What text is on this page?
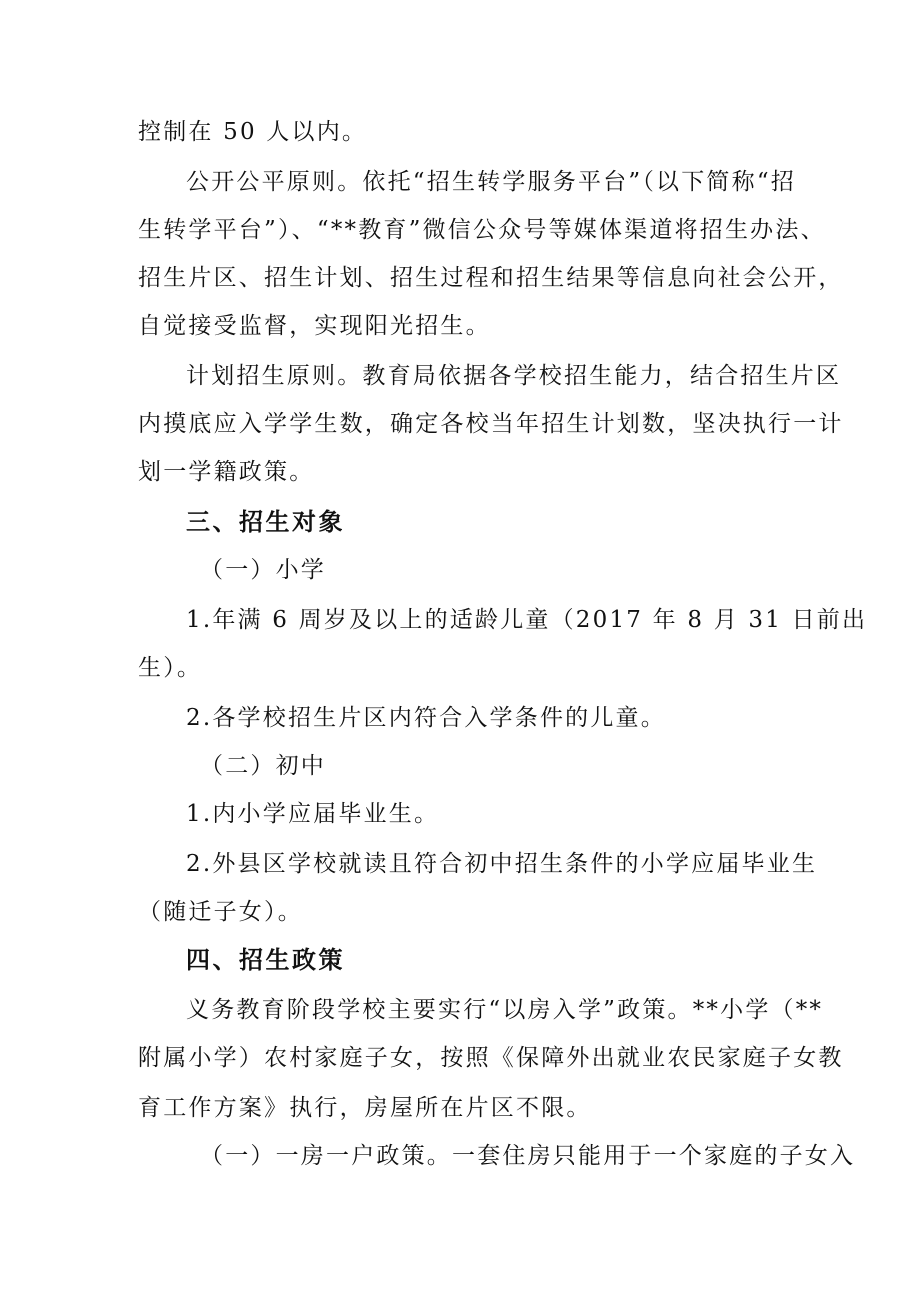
控制在 50 人以内。
公开公平原则。依托“招生转学服务平台”（以下简称“招
生转学平台”）、“**教育”微信公众号等媒体渠道将招生办法、
招生片区、招生计划、招生过程和招生结果等信息向社会公开，
自觉接受监督，实现阳光招生。
计划招生原则。教育局依据各学校招生能力，结合招生片区
内摸底应入学学生数，确定各校当年招生计划数，坚决执行一计
划一学籍政策。
三、招生对象
（一）小学
1.年满 6 周岁及以上的适龄儿童（2017 年 8 月 31 日前出
生）。
2.各学校招生片区内符合入学条件的儿童。
（二）初中
1.内小学应届毕业生。
2.外县区学校就读且符合初中招生条件的小学应届毕业生
（随迁子女）。
四、招生政策
义务教育阶段学校主要实行“以房入学”政策。**小学（**
附属小学）农村家庭子女，按照《保障外出就业农民家庭子女教
育工作方案》执行，房屋所在片区不限。
（一）一房一户政策。一套住房只能用于一个家庭的子女入
